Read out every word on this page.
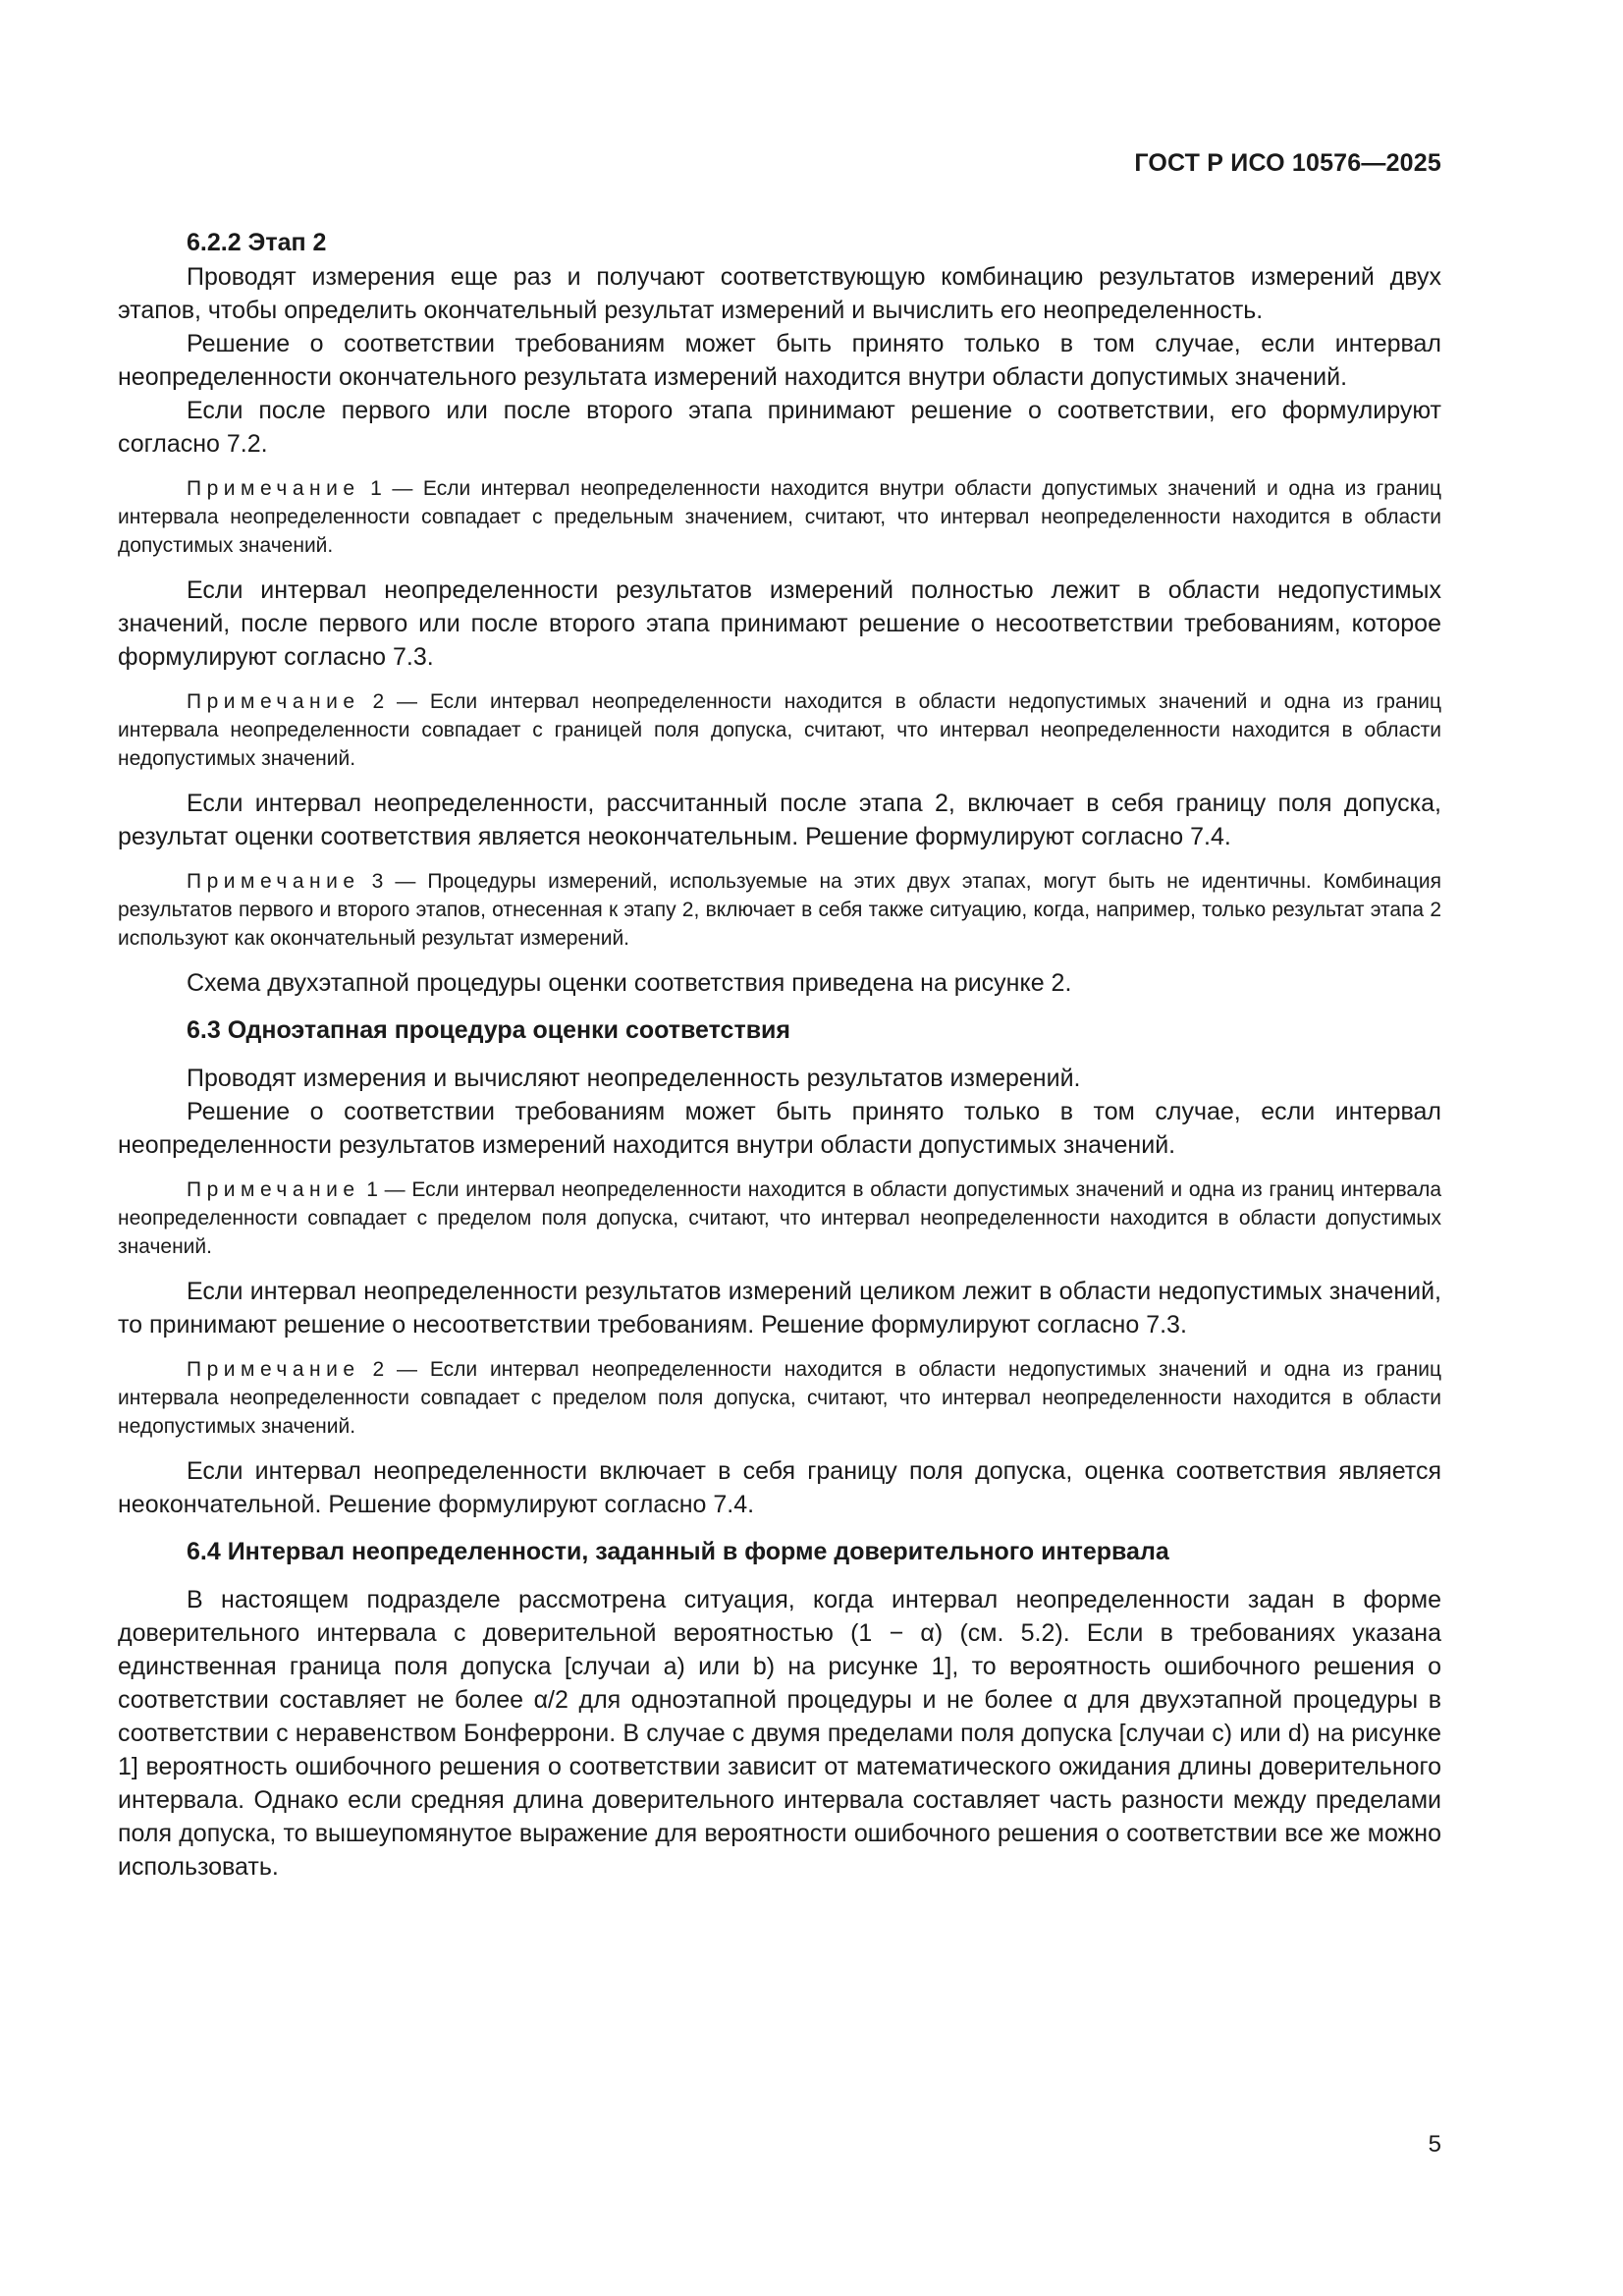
ГОСТ Р ИСО 10576—2025
6.2.2 Этап 2

Проводят измерения еще раз и получают соответствующую комбинацию результатов измерений двух этапов, чтобы определить окончательный результат измерений и вычислить его неопределенность.

Решение о соответствии требованиям может быть принято только в том случае, если интервал неопределенности окончательного результата измерений находится внутри области допустимых значений.

Если после первого или после второго этапа принимают решение о соответствии, его формулируют согласно 7.2.

Примечание 1 — Если интервал неопределенности находится внутри области допустимых значений и одна из границ интервала неопределенности совпадает с предельным значением, считают, что интервал неопределенности находится в области допустимых значений.

Если интервал неопределенности результатов измерений полностью лежит в области недопустимых значений, после первого или после второго этапа принимают решение о несоответствии требованиям, которое формулируют согласно 7.3.

Примечание 2 — Если интервал неопределенности находится в области недопустимых значений и одна из границ интервала неопределенности совпадает с границей поля допуска, считают, что интервал неопределенности находится в области недопустимых значений.

Если интервал неопределенности, рассчитанный после этапа 2, включает в себя границу поля допуска, результат оценки соответствия является неокончательным. Решение формулируют согласно 7.4.

Примечание 3 — Процедуры измерений, используемые на этих двух этапах, могут быть не идентичны. Комбинация результатов первого и второго этапов, отнесенная к этапу 2, включает в себя также ситуацию, когда, например, только результат этапа 2 используют как окончательный результат измерений.

Схема двухэтапной процедуры оценки соответствия приведена на рисунке 2.

6.3 Одноэтапная процедура оценки соответствия

Проводят измерения и вычисляют неопределенность результатов измерений.

Решение о соответствии требованиям может быть принято только в том случае, если интервал неопределенности результатов измерений находится внутри области допустимых значений.

Примечание 1 — Если интервал неопределенности находится в области допустимых значений и одна из границ интервала неопределенности совпадает с пределом поля допуска, считают, что интервал неопределенности находится в области допустимых значений.

Если интервал неопределенности результатов измерений целиком лежит в области недопустимых значений, то принимают решение о несоответствии требованиям. Решение формулируют согласно 7.3.

Примечание 2 — Если интервал неопределенности находится в области недопустимых значений и одна из границ интервала неопределенности совпадает с пределом поля допуска, считают, что интервал неопределенности находится в области недопустимых значений.

Если интервал неопределенности включает в себя границу поля допуска, оценка соответствия является неокончательной. Решение формулируют согласно 7.4.

6.4 Интервал неопределенности, заданный в форме доверительного интервала

В настоящем подразделе рассмотрена ситуация, когда интервал неопределенности задан в форме доверительного интервала с доверительной вероятностью (1 − α) (см. 5.2). Если в требованиях указана единственная граница поля допуска [случаи a) или b) на рисунке 1], то вероятность ошибочного решения о соответствии составляет не более α/2 для одноэтапной процедуры и не более α для двухэтапной процедуры в соответствии с неравенством Бонферрони. В случае с двумя пределами поля допуска [случаи c) или d) на рисунке 1] вероятность ошибочного решения о соответствии зависит от математического ожидания длины доверительного интервала. Однако если средняя длина доверительного интервала составляет часть разности между пределами поля допуска, то вышеупомянутое выражение для вероятности ошибочного решения о соответствии все же можно использовать.

5
